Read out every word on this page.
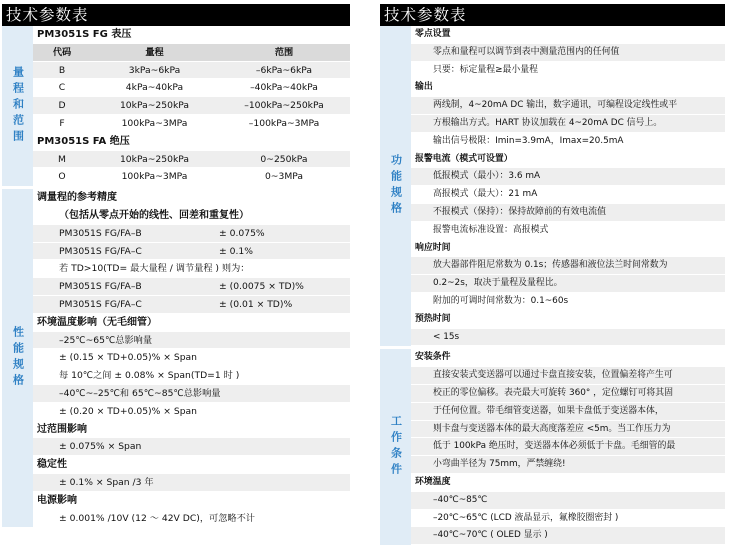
技术参数表
量程和范围
PM3051S FG 表压
代码	量程	范围
B	3kPa~6kPa	–6kPa~6kPa
C	4kPa~40kPa	–40kPa~40kPa
D	10kPa~250kPa	–100kPa~250kPa
F	100kPa~3MPa	–100kPa~3MPa
PM3051S FA 绝压
M	10kPa~250kPa	0~250kPa
O	100kPa~3MPa	0~3MPa
性能规格
调量程的参考精度
（包括从零点开始的线性、回差和重复性）
PM3051S FG/FA–B	± 0.075%
PM3051S FG/FA–C	± 0.1%
若 TD>10(TD= 最大量程 / 调节量程 ) 则为：
PM3051S FG/FA–B	± (0.0075 × TD)%
PM3051S FG/FA–C	± (0.01 × TD)%
环境温度影响（无毛细管）
–25℃~65℃总影响量
± (0.15 × TD+0.05)% × Span
每 10℃之间 ± 0.08% × Span(TD=1 时 )
–40℃~–25℃和 65℃~85℃总影响量
± (0.20 × TD+0.05)% × Span
过范围影响
± 0.075% × Span
稳定性
± 0.1% × Span /3 年
电源影响
± 0.001% /10V (12 ～ 42V DC)，可忽略不计
技术参数表
功能规格
零点设置
零点和量程可以调节到表中测量范围内的任何值
只要：标定量程≥最小量程
输出
两线制，4~20mA DC 输出，数字通讯，可编程设定线性或平
方根输出方式。HART 协议加载在 4~20mA DC 信号上。
输出信号极限：Imin=3.9mA，Imax=20.5mA
报警电流（模式可设置）
低报模式（最小）：3.6 mA
高报模式（最大）：21 mA
不报模式（保持）：保持故障前的有效电流值
报警电流标准设置：高报模式
响应时间
放大器部件阻尼常数为 0.1s；传感器和液位法兰时间常数为
0.2~2s，取决于量程及量程比。
附加的可调时间常数为：0.1~60s
预热时间
< 15s
工作条件
安装条件
直接安装式变送器可以通过卡盘直接安装，位置偏差将产生可
校正的零位偏移。表壳最大可旋转 360° ，定位螺钉可将其固
于任何位置。带毛细管变送器，如果卡盘低于变送器本体，
则卡盘与变送器本体的最大高度落差应 <5m。当工作压力为
低于 100kPa 绝压时，变送器本体必须低于卡盘。毛细管的最
小弯曲半径为 75mm，严禁缠绕!
环境温度
–40℃~85℃
–20℃~65℃ (LCD 液晶显示，氟橡胶圈密封 )
–40℃~70℃ ( OLED 显示 )
